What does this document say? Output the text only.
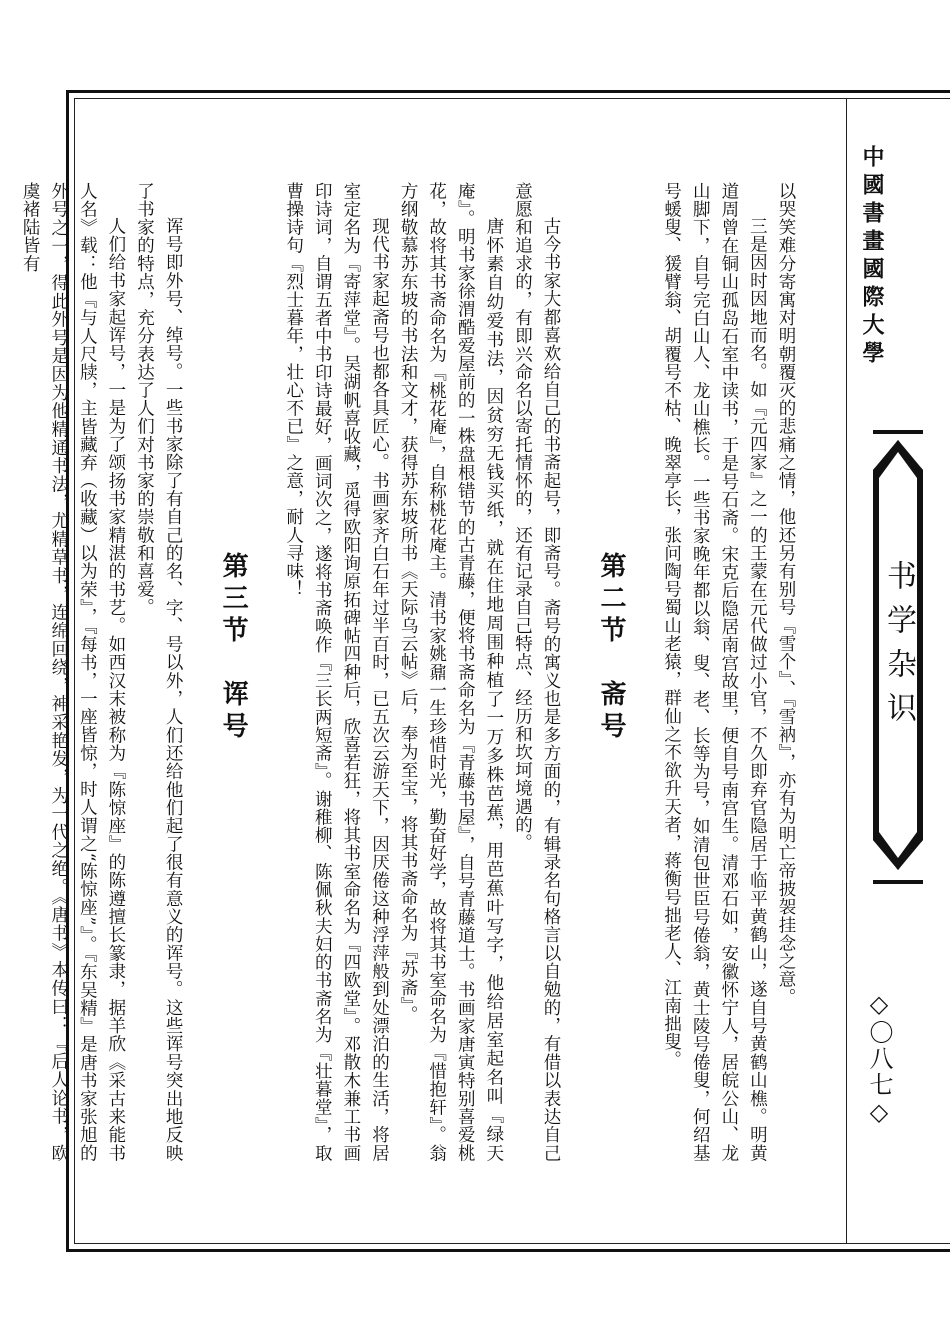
中國書畫國際大學
书学杂识
◇〇八七◇

以哭笑难分寄寓对明朝覆灭的悲痛之情，他还另有别号『雪个』、『雪衲』，亦有为明亡帝披袈挂念之意。

三是因时因地而名。如『元四家』之一的王蒙在元代做过小官，不久即弃官隐居于临平黄鹤山，遂自号黄鹤山樵。明黄道周曾在铜山孤岛石室中读书，于是号石斋。宋克后隐居南宫故里，便自号南宫生。清邓石如，安徽怀宁人，居皖公山、龙山脚下，自号完白山人、龙山樵长。一些书家晚年都以翁、叟、老、长等为号，如清包世臣号倦翁，黄士陵号倦叟，何绍基号蝯叟、猨臂翁、胡覆号不枯、晚翠亭长，张问陶号蜀山老猿，群仙之不欲升天者，蒋衡号拙老人、江南拙叟。

第二节　斋号

古今书家大都喜欢给自己的书斋起号，即斋号。斋号的寓义也是多方面的，有辑录名句格言以自勉的，有借以表达自己意愿和追求的，有即兴命名以寄托情怀的，还有记录自己特点、经历和坎坷境遇的。

唐怀素自幼爱书法，因贫穷无钱买纸，就在住地周围种植了一万多株芭蕉，用芭蕉叶写字，他给居室起名叫『绿天庵』。明书家徐渭酷爱屋前的一株盘根错节的古青藤，便将书斋命名为『青藤书屋』，自号青藤道士。书画家唐寅特别喜爱桃花，故将其书斋命名为『桃花庵』，自称桃花庵主。清书家姚鼐一生珍惜时光，勤奋好学，故将其书室命名为『惜抱轩』。翁方纲敬慕苏东坡的书法和文才，获得苏东坡所书《天际乌云帖》后，奉为至宝，将其书斋命名为『苏斋』。

现代书家起斋号也都各具匠心。书画家齐白石年过半百时，已五次云游天下，因厌倦这种浮萍般到处漂泊的生活，将居室定名为『寄萍堂』。吴湖帆喜收藏，觅得欧阳询原拓碑帖四种后，欣喜若狂，将其书室命名为『四欧堂』。邓散木兼工书画印诗词，自谓五者中书印诗最好，画词次之，遂将书斋唤作『三长两短斋』。谢稚柳、陈佩秋夫妇的书斋名为『壮暮堂』，取曹操诗句『烈士暮年，壮心不已』之意，耐人寻味！

第三节　诨号

诨号即外号、绰号。一些书家除了有自己的名、字、号以外，人们还给他们起了很有意义的诨号。这些诨号突出地反映了书家的特点，充分表达了人们对书家的崇敬和喜爱。

人们给书家起诨号，一是为了颂扬书家精湛的书艺。如西汉末被称为『陈惊座』的陈遵擅长篆隶，据羊欣《采古来能书人名》载：他『与人尺牍，主皆藏弃（收藏）以为荣』，『每书，一座皆惊，时人谓之“陈惊座”』。『东吴精』是唐书家张旭的外号之一，得此外号是因为他精通书法，尤精草书，连绵回绕，神采艳发，为一代之绝。《唐书》本传曰：『后人论书，欧虞褚陆皆有
